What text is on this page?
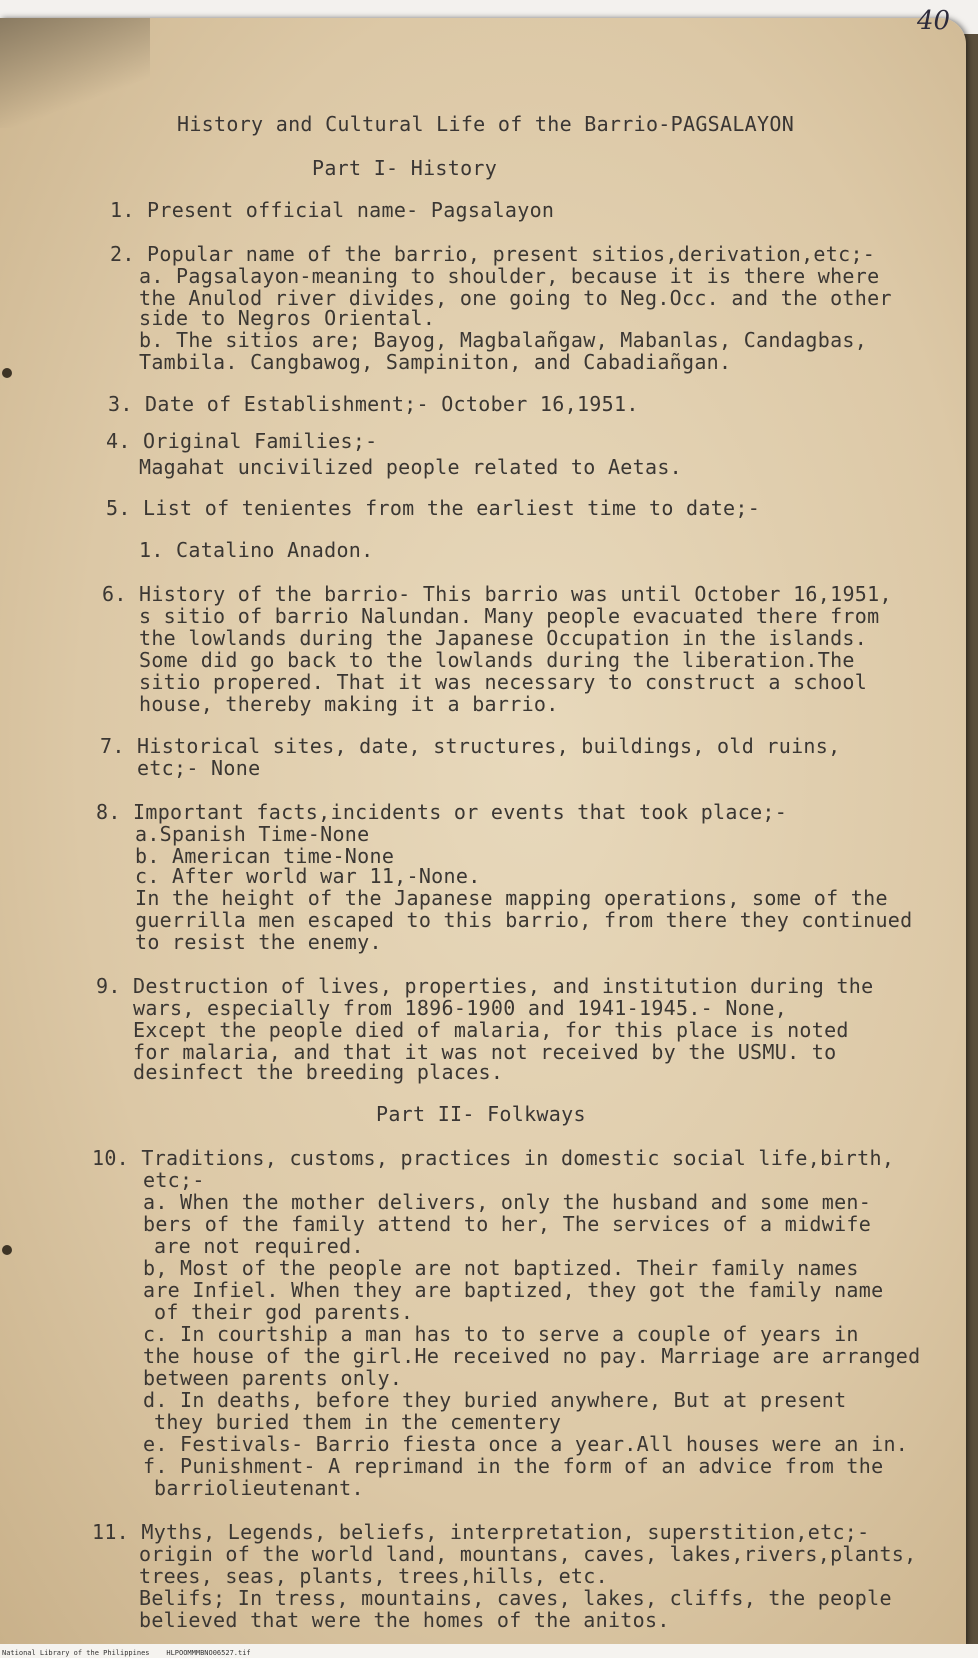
40
History and Cultural Life of the Barrio-PAGSALAYON
Part I- History
1. Present official name- Pagsalayon
2. Popular name of the barrio, present sitios,derivation,etc;-
a. Pagsalayon-meaning to shoulder, because it is there where
the Anulod river divides, one going to Neg.Occ. and the other
side to Negros Oriental.
b. The sitios are; Bayog, Magbalañgaw, Mabanlas, Candagbas,
Tambila. Cangbawog, Sampiniton, and Cabadiañgan.
3. Date of Establishment;- October 16,1951.
4. Original Families;-
Magahat uncivilized people related to Aetas.
5. List of tenientes from the earliest time to date;-
1. Catalino Anadon.
6. History of the barrio- This barrio was until October 16,1951,
s sitio of barrio Nalundan. Many people evacuated there from
the lowlands during the Japanese Occupation in the islands.
Some did go back to the lowlands during the liberation.The
sitio propered. That it was necessary to construct a school
house, thereby making it a barrio.
7. Historical sites, date, structures, buildings, old ruins,
etc;- None
8. Important facts,incidents or events that took place;-
a.Spanish Time-None
b. American time-None
c. After world war 11,-None.
In the height of the Japanese mapping operations, some of the
guerrilla men escaped to this barrio, from there they continued
to resist the enemy.
9. Destruction of lives, properties, and institution during the
wars, especially from 1896-1900 and 1941-1945.- None,
Except the people died of malaria, for this place is noted
for malaria, and that it was not received by the USMU. to
desinfect the breeding places.
Part II- Folkways
10. Traditions, customs, practices in domestic social life,birth,
etc;-
a. When the mother delivers, only the husband and some men-
bers of the family attend to her, The services of a midwife
are not required.
b, Most of the people are not baptized. Their family names
are Infiel. When they are baptized, they got the family name
of their god parents.
c. In courtship a man has to to serve a couple of years in
the house of the girl.He received no pay. Marriage are arranged
between parents only.
d. In deaths, before they buried anywhere, But at present
they buried them in the cementery
e. Festivals- Barrio fiesta once a year.All houses were an in.
f. Punishment- A reprimand in the form of an advice from the
barriolieutenant.
11. Myths, Legends, beliefs, interpretation, superstition,etc;-
origin of the world land, mountans, caves, lakes,rivers,plants,
trees, seas, plants, trees,hills, etc.
Belifs; In tress, mountains, caves, lakes, cliffs, the people
believed that were the homes of the anitos.
National Library of the Philippines    HLPOOMMMBNO06527.tif
